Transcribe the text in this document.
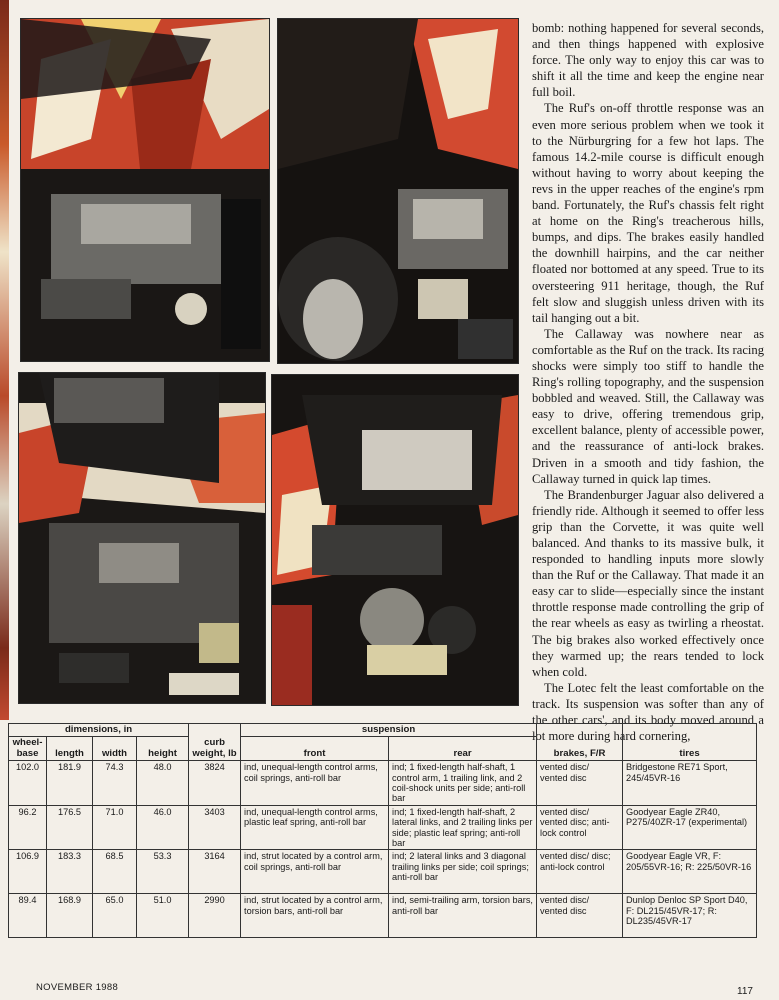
bomb: nothing happened for several seconds, and then things happened with explosive force. The only way to enjoy this car was to shift it all the time and keep the engine near full boil.

The Ruf's on-off throttle response was an even more serious problem when we took it to the Nürburgring for a few hot laps. The famous 14.2-mile course is difficult enough without having to worry about keeping the revs in the upper reaches of the engine's rpm band. Fortunately, the Ruf's chassis felt right at home on the Ring's treacherous hills, bumps, and dips. The brakes easily handled the downhill hairpins, and the car neither floated nor bottomed at any speed. True to its oversteering 911 heritage, though, the Ruf felt slow and sluggish unless driven with its tail hanging out a bit.

The Callaway was nowhere near as comfortable as the Ruf on the track. Its racing shocks were simply too stiff to handle the Ring's rolling topography, and the suspension bobbled and weaved. Still, the Callaway was easy to drive, offering tremendous grip, excellent balance, plenty of accessible power, and the reassurance of anti-lock brakes. Driven in a smooth and tidy fashion, the Callaway turned in quick lap times.

The Brandenburger Jaguar also delivered a friendly ride. Although it seemed to offer less grip than the Corvette, it was quite well balanced. And thanks to its massive bulk, it responded to handling inputs more slowly than the Ruf or the Callaway. That made it an easy car to slide—especially since the instant throttle response made controlling the grip of the rear wheels as easy as twirling a rheostat. The big brakes also worked effectively once they warmed up; the rears tended to lock when cold.

The Lotec felt the least comfortable on the track. Its suspension was softer than any of the other cars', and its body moved around a lot more during hard cornering,

dimensions, in				curb weight, lb	suspension		brakes, F/R	tires
wheel-base	length	width	height		front	rear		
102.0	181.9	74.3	48.0	3824	ind, unequal-length control arms, coil springs, anti-roll bar	ind; 1 fixed-length half-shaft, 1 control arm, 1 trailing link, and 2 coil-shock units per side; anti-roll bar	vented disc/ vented disc	Bridgestone RE71 Sport, 245/45VR-16
96.2	176.5	71.0	46.0	3403	ind, unequal-length control arms, plastic leaf spring, anti-roll bar	ind; 1 fixed-length half-shaft, 2 lateral links, and 2 trailing links per side; plastic leaf spring; anti-roll bar	vented disc/ vented disc; anti-lock control	Goodyear Eagle ZR40, P275/40ZR-17 (experimental)
106.9	183.3	68.5	53.3	3164	ind, strut located by a control arm, coil springs, anti-roll bar	ind; 2 lateral links and 3 diagonal trailing links per side; coil springs; anti-roll bar	vented disc/ disc; anti-lock control	Goodyear Eagle VR, F: 205/55VR-16; R: 225/50VR-16
89.4	168.9	65.0	51.0	2990	ind, strut located by a control arm, torsion bars, anti-roll bar	ind, semi-trailing arm, torsion bars, anti-roll bar	vented disc/ vented disc	Dunlop Denloc SP Sport D40, F: DL215/45VR-17; R: DL235/45VR-17
NOVEMBER 1988	117
